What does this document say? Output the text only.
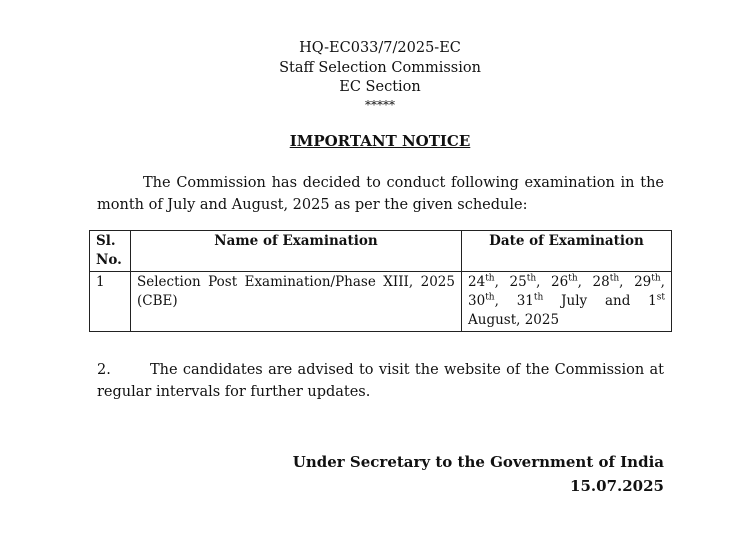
HQ-EC033/7/2025-EC
Staff Selection Commission
EC Section
*****
IMPORTANT NOTICE
The Commission has decided to conduct following examination in the month of July and August, 2025 as per the given schedule:
Sl. No.	Name of Examination	Date of Examination
1	Selection Post Examination/Phase XIII, 2025 (CBE)	24th, 25th, 26th, 28th, 29th, 30th, 31th July and 1st August, 2025
2.	The candidates are advised to visit the website of the Commission at regular intervals for further updates.
Under Secretary to the Government of India
15.07.2025
